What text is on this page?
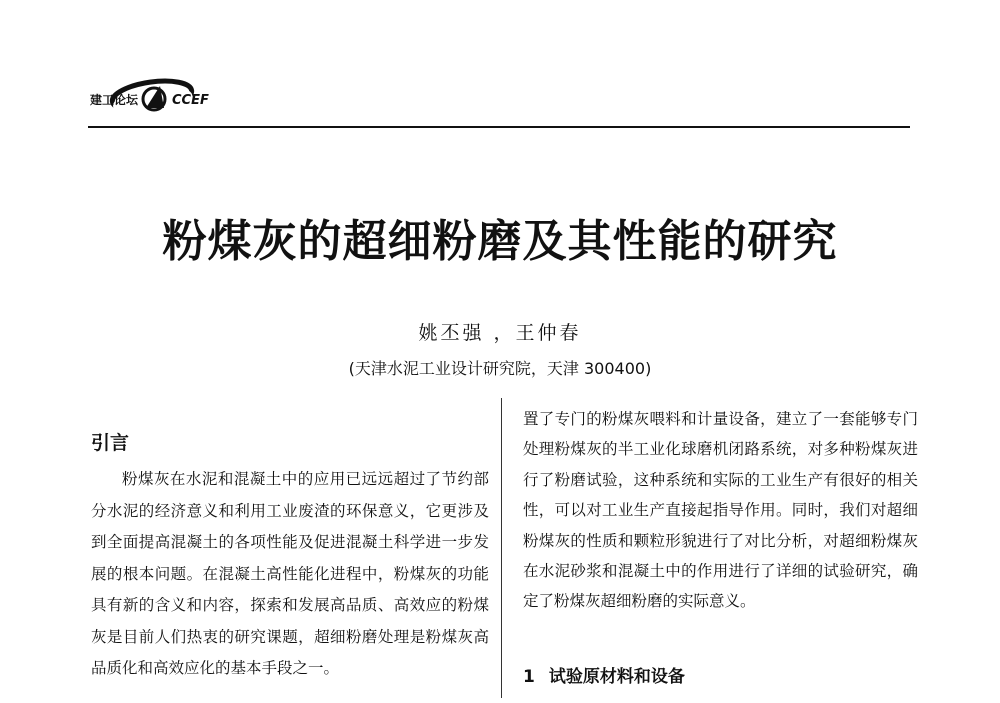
建工论坛	CCEF
粉煤灰的超细粉磨及其性能的研究
姚丕强 ，王仲春
(天津水泥工业设计研究院，天津 300400)
引言

粉煤灰在水泥和混凝土中的应用已远远超过了节约部分水泥的经济意义和利用工业废渣的环保意义，它更涉及到全面提高混凝土的各项性能及促进混凝土科学进一步发展的根本问题。在混凝土高性能化进程中，粉煤灰的功能具有新的含义和内容，探索和发展高品质、高效应的粉煤灰是目前人们热衷的研究课题，超细粉磨处理是粉煤灰高品质化和高效应化的基本手段之一。

置了专门的粉煤灰喂料和计量设备，建立了一套能够专门处理粉煤灰的半工业化球磨机闭路系统，对多种粉煤灰进行了粉磨试验，这种系统和实际的工业生产有很好的相关性，可以对工业生产直接起指导作用。同时，我们对超细粉煤灰的性质和颗粒形貌进行了对比分析，对超细粉煤灰在水泥砂浆和混凝土中的作用进行了详细的试验研究，确定了粉煤灰超细粉磨的实际意义。

1 试验原材料和设备
